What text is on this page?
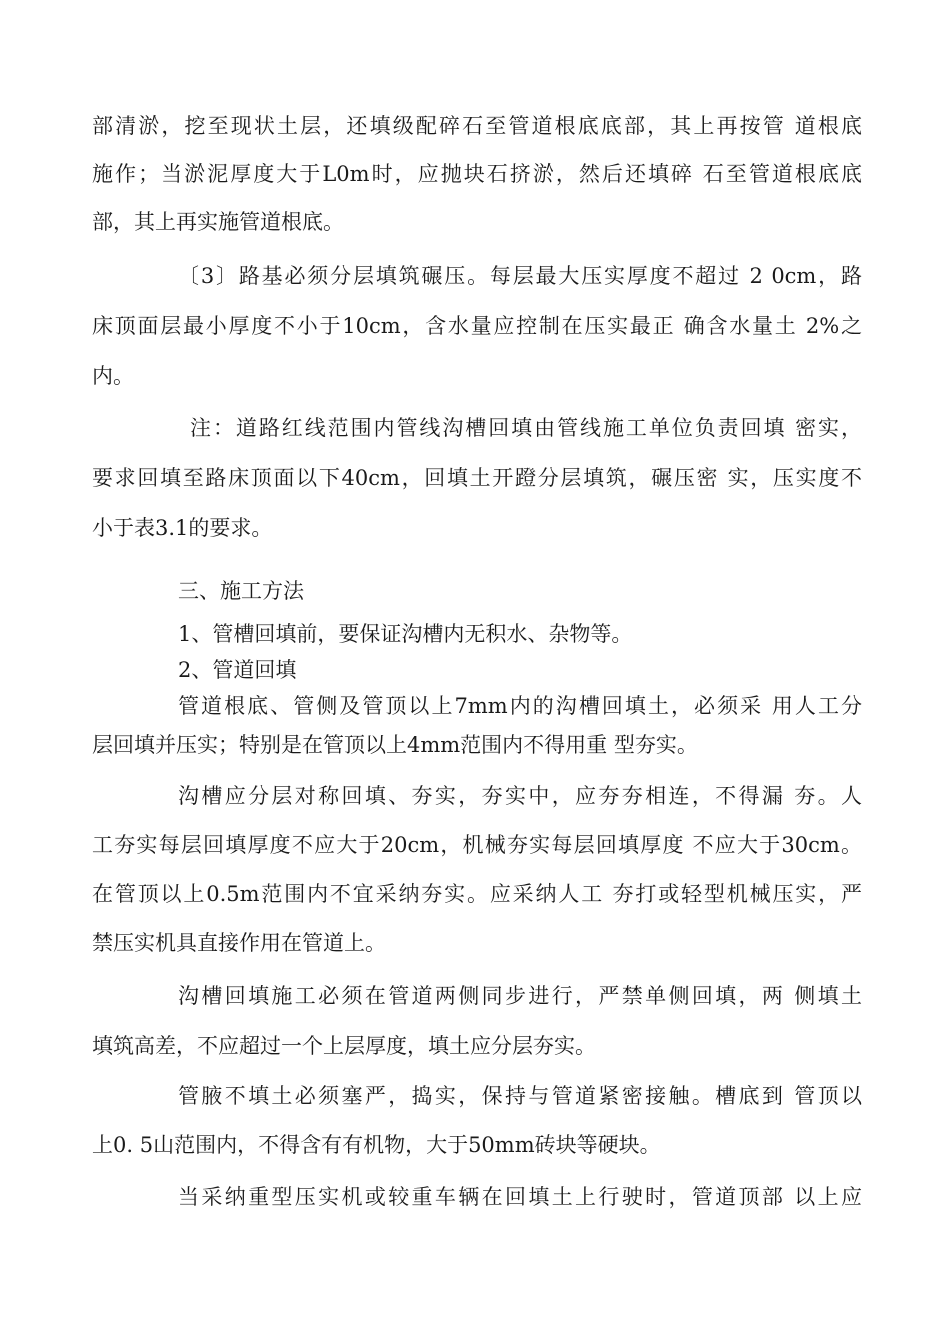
部清淤，挖至现状土层，还填级配碎石至管道根底底部，其上再按管 道根底
施作；当淤泥厚度大于L0m时，应抛块石挤淤，然后还填碎 石至管道根底底
部，其上再实施管道根底。
〔3〕路基必须分层填筑碾压。每层最大压实厚度不超过 2 0cm，路
床顶面层最小厚度不小于10cm，含水量应控制在压实最正 确含水量土 2%之
内。
注：道路红线范围内管线沟槽回填由管线施工单位负责回填 密实，
要求回填至路床顶面以下40cm，回填土开蹬分层填筑，碾压密 实，压实度不
小于表3.1的要求。
三、施工方法
1、管槽回填前，要保证沟槽内无积水、杂物等。
2、管道回填
管道根底、管侧及管顶以上7mm内的沟槽回填土，必须采 用人工分
层回填并压实；特别是在管顶以上4mm范围内不得用重 型夯实。
沟槽应分层对称回填、夯实，夯实中，应夯夯相连，不得漏 夯。人
工夯实每层回填厚度不应大于20cm，机械夯实每层回填厚度 不应大于30cm。
在管顶以上0.5m范围内不宜采纳夯实。应采纳人工 夯打或轻型机械压实，严
禁压实机具直接作用在管道上。
沟槽回填施工必须在管道两侧同步进行，严禁单侧回填，两 侧填土
填筑高差，不应超过一个上层厚度，填土应分层夯实。
管腋不填土必须塞严，捣实，保持与管道紧密接触。槽底到 管顶以
上0. 5山范围内，不得含有有机物，大于50mm砖块等硬块。
当采纳重型压实机或较重车辆在回填土上行驶时，管道顶部 以上应
